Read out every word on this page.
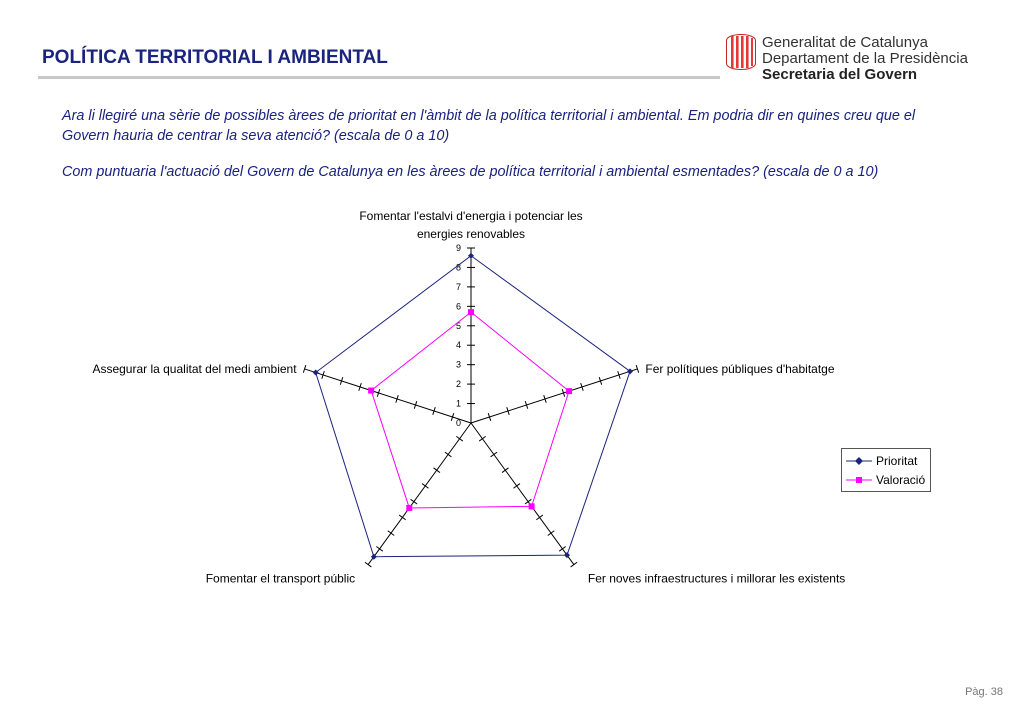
POLÍTICA TERRITORIAL I AMBIENTAL
Generalitat de Catalunya
Departament de la Presidència
Secretaria del Govern

Ara li llegiré una sèrie de possibles àrees de prioritat en l'àmbit de la política territorial i ambiental. Em podria dir en quines creu que el Govern hauria de centrar la seva atenció? (escala de 0 a 10)

Com puntuaria l'actuació del Govern de Catalunya en les àrees de política territorial i ambiental esmentades? (escala de 0 a 10)

0
1
2
3
4
5
6
7
8
9
Fomentar l'estalvi d'energia i potenciar les
energies renovables
Fer polítiques públiques d'habitatge
Fer noves infraestructures i millorar les existents
Fomentar el transport públic
Assegurar la qualitat del medi ambient
Prioritat
Valoració
Pàg. 38
